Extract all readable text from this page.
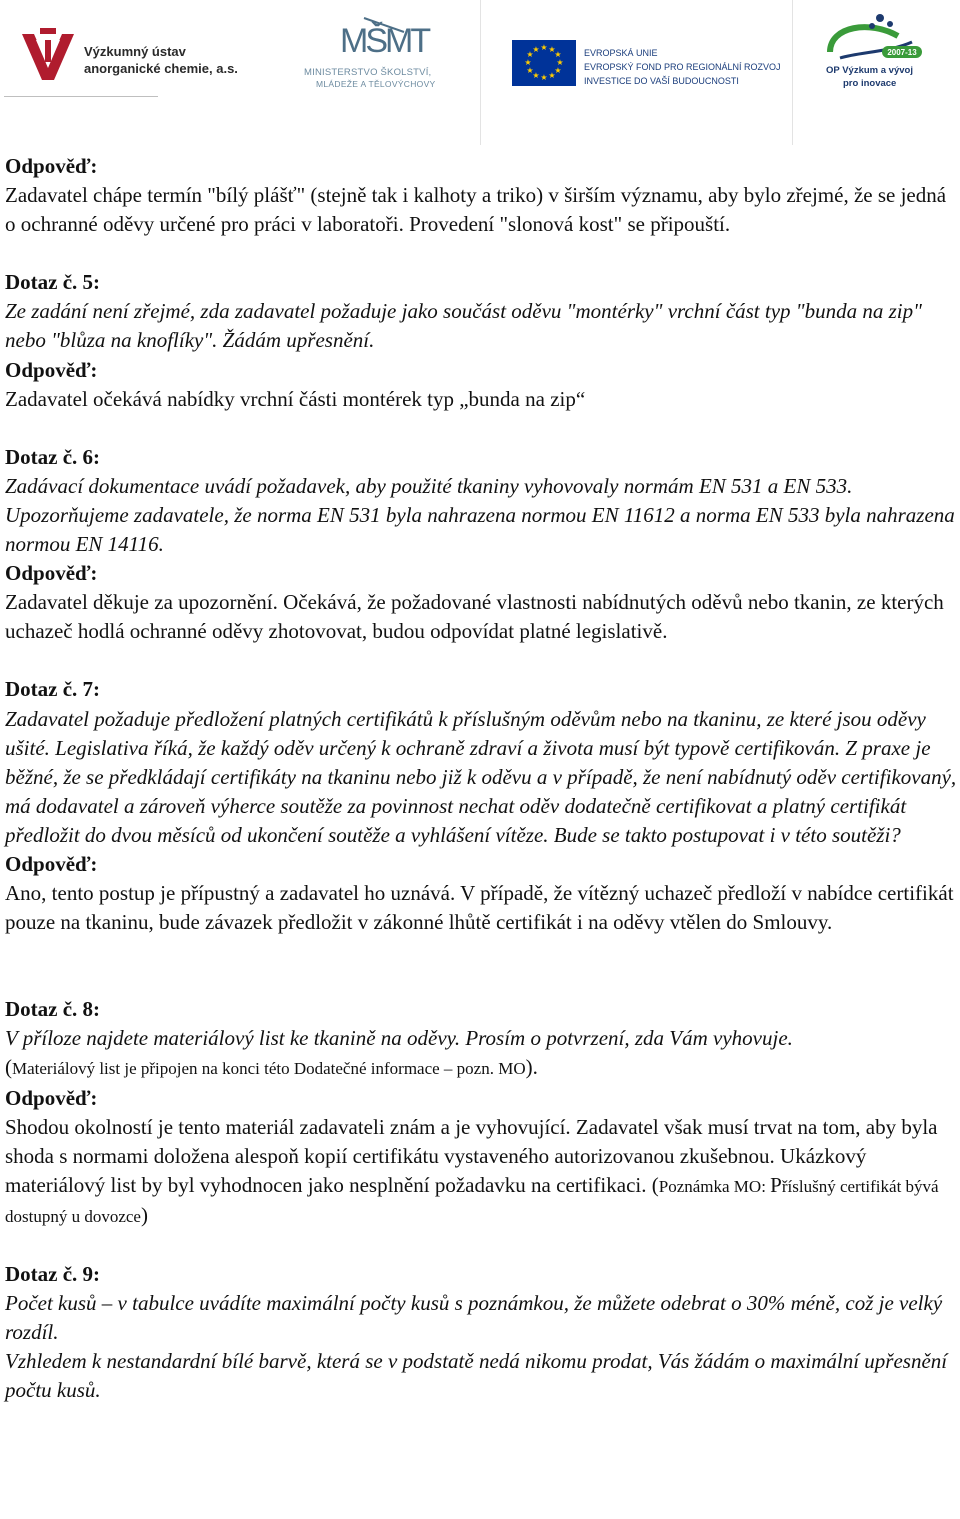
Výzkumný ústav
anorganické chemie, a.s.
MŠMT
MINISTERSTVO ŠKOLSTVÍ,
MLÁDEŽE A TĚLOVÝCHOVY
★ ★
★
★
★
★
★
★
★
★
★
★	EVROPSKÁ UNIE
EVROPSKÝ FOND PRO REGIONÁLNÍ ROZVOJ
INVESTICE DO VAŠÍ BUDOUCNOSTI
2007-13
OP Výzkum a vývoj
pro inovace
Odpověď:
Zadavatel chápe termín "bílý plášť" (stejně tak i kalhoty a triko) v širším významu, aby bylo zřejmé, že se jedná o ochranné oděvy určené pro práci v laboratoři. Provedení "slonová kost" se připouští.
Dotaz č. 5:
Ze zadání není zřejmé, zda zadavatel požaduje jako součást oděvu "montérky" vrchní část typ "bunda na zip" nebo "blůza na knoflíky". Žádám upřesnění.
Odpověď:
Zadavatel očekává nabídky vrchní části montérek typ „bunda na zip“
Dotaz č. 6:
Zadávací dokumentace uvádí požadavek, aby použité tkaniny vyhovovaly normám EN 531 a EN 533. Upozorňujeme zadavatele, že norma EN 531 byla nahrazena normou EN 11612 a norma EN 533 byla nahrazena normou EN 14116.
Odpověď:
Zadavatel děkuje za upozornění. Očekává, že požadované vlastnosti nabídnutých oděvů nebo tkanin, ze kterých uchazeč hodlá ochranné oděvy zhotovovat, budou odpovídat platné legislativě.
Dotaz č. 7:
Zadavatel požaduje předložení platných certifikátů k příslušným oděvům nebo na tkaninu, ze které jsou oděvy ušité. Legislativa říká, že každý oděv určený k ochraně zdraví a života musí být typově certifikován. Z praxe je běžné, že se předkládají certifikáty na tkaninu nebo již k oděvu a v případě, že není nabídnutý oděv certifikovaný, má dodavatel a zároveň výherce soutěže za povinnost nechat oděv dodatečně certifikovat a platný certifikát předložit do dvou měsíců od ukončení soutěže a vyhlášení vítěze. Bude se takto postupovat i v této soutěži?
Odpověď:
Ano, tento postup je přípustný a zadavatel ho uznává. V případě, že vítězný uchazeč předloží v nabídce certifikát pouze na tkaninu, bude závazek předložit v zákonné lhůtě certifikát i na oděvy vtělen do Smlouvy.
Dotaz č. 8:
V příloze najdete materiálový list ke tkanině na oděvy. Prosím o potvrzení, zda Vám vyhovuje.
(Materiálový list je připojen na konci této Dodatečné informace – pozn. MO).
Odpověď:
Shodou okolností je tento materiál zadavateli znám a je vyhovující. Zadavatel však musí trvat na tom, aby byla shoda s normami doložena alespoň kopií certifikátu vystaveného autorizovanou zkušebnou. Ukázkový materiálový list by byl vyhodnocen jako nesplnění požadavku na certifikaci. (Poznámka MO: Příslušný certifikát bývá dostupný u dovozce)
Dotaz č. 9:
Počet kusů – v tabulce uvádíte maximální počty kusů s poznámkou, že můžete odebrat o 30% méně, což je velký rozdíl.
Vzhledem k nestandardní bílé barvě, která se v podstatě nedá nikomu prodat, Vás žádám o maximální upřesnění počtu kusů.
